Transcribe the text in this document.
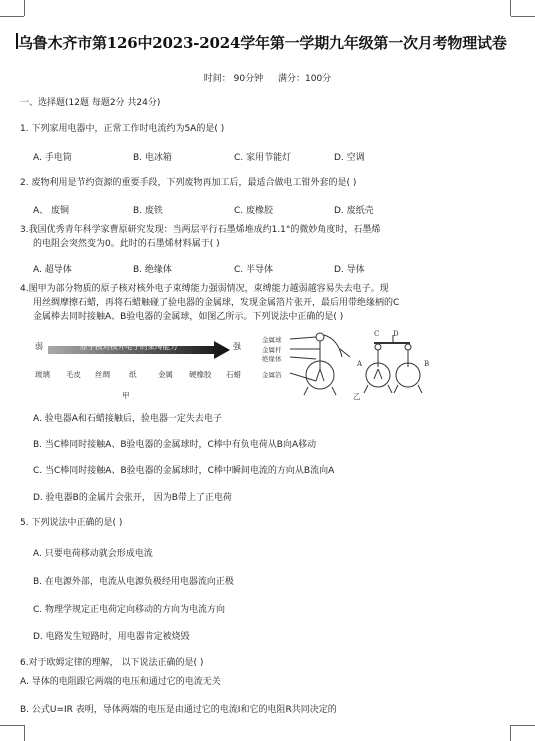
乌鲁木齐市第126中2023-2024学年第一学期九年级第一次月考物理试卷
时间： 90分钟 满分：100分
一、选择题(12题 每题2分 共24分)
1. 下列家用电器中，正常工作时电流约为5A的是( )
A. 手电筒	B. 电冰箱	C. 家用节能灯	D. 空调
2. 废物利用是节约资源的重要手段，下列废物再加工后，最适合做电工钳外套的是( )
A、 废铜	B. 废铁	C. 废橡胶	D. 废纸壳
3.我国优秀青年科学家曹原研究发现：当两层平行石墨烯堆成约1.1°的微妙角度时，石墨烯
的电阻会突然变为0。此时的石墨烯材料属于( )
A. 超导体	B. 绝缘体	C. 半导体	D. 导体
4.图甲为部分物质的原子核对核外电子束缚能力强弱情况，束缚能力越弱越容易失去电子。现
用丝绸摩擦石蜡，再将石蜡触碰了验电器的金属球，发现金属箔片张开，最后用带绝缘柄的C
金属棒去同时接触A、B验电器的金属球，如图乙所示。下列说法中正确的是( )
弱	原子核对核外电子的束缚能力	强
玻璃 毛皮 丝绸	纸	金属 硬橡胶 石蜡
甲
金属球
金属杆
绝缘体
金属箔
A	B
C D
乙
A. 验电器A和石蜡接触后，验电器一定失去电子
B. 当C棒同时接触A、B验电器的金属球时，C棒中有负电荷从B向A移动
C. 当C棒同时接触A、B验电器的金属球时，C棒中瞬间电流的方向从B流向A
D. 验电器B的金属片会张开， 因为B带上了正电荷
5. 下列说法中正确的是( )
A. 只要电荷移动就会形成电流
B. 在电源外部，电流从电源负极经用电器流向正极
C. 物理学规定正电荷定向移动的方向为电流方向
D. 电路发生短路时，用电器肯定被烧毁
6.对于欧姆定律的理解， 以下说法正确的是( )
A. 导体的电阻跟它两端的电压和通过它的电流无关
B. 公式U=IR 表明，导体两端的电压是由通过它的电流I和它的电阻R共同决定的
